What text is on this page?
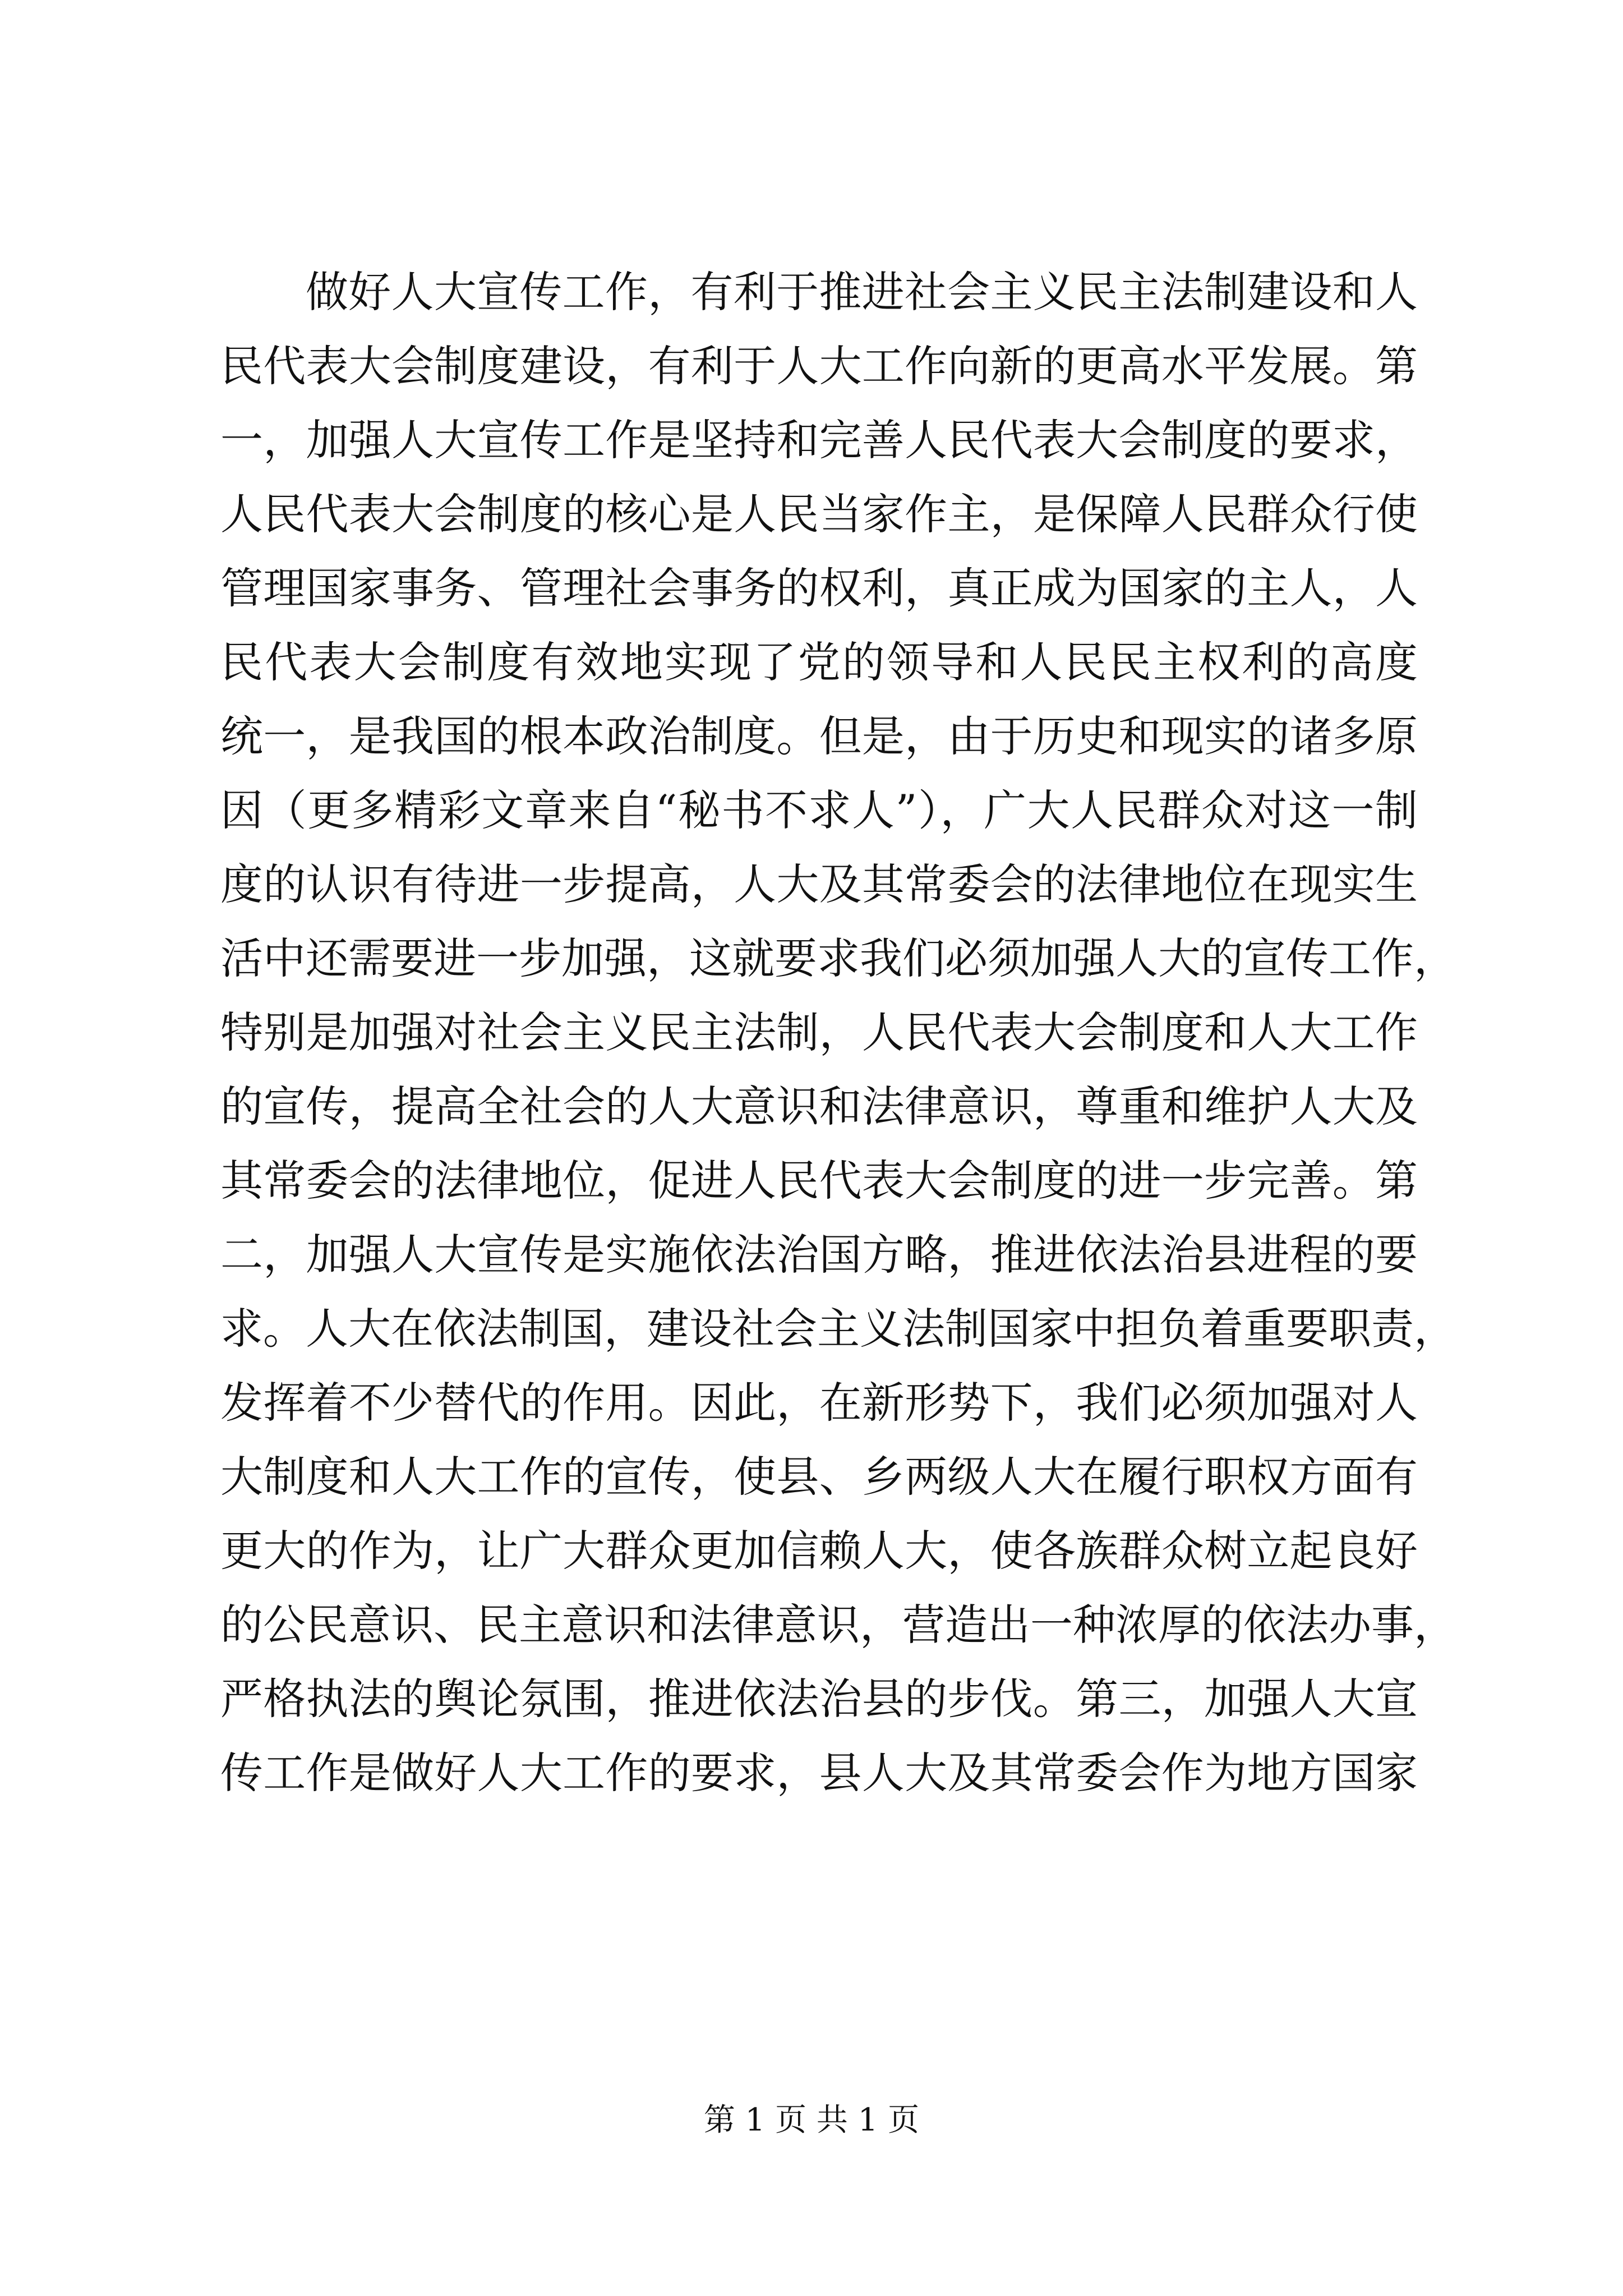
做好人大宣传工作，有利于推进社会主义民主法制建设和人
民代表大会制度建设，有利于人大工作向新的更高水平发展。第
一，加强人大宣传工作是坚持和完善人民代表大会制度的要求，
人民代表大会制度的核心是人民当家作主，是保障人民群众行使
管理国家事务、管理社会事务的权利，真正成为国家的主人，人
民代表大会制度有效地实现了党的领导和人民民主权利的高度
统一，是我国的根本政治制度。但是，由于历史和现实的诸多原
因（更多精彩文章来自“秘书不求人”），广大人民群众对这一制
度的认识有待进一步提高，人大及其常委会的法律地位在现实生
活中还需要进一步加强，这就要求我们必须加强人大的宣传工作，
特别是加强对社会主义民主法制，人民代表大会制度和人大工作
的宣传，提高全社会的人大意识和法律意识，尊重和维护人大及
其常委会的法律地位，促进人民代表大会制度的进一步完善。第
二，加强人大宣传是实施依法治国方略，推进依法治县进程的要
求。人大在依法制国，建设社会主义法制国家中担负着重要职责，
发挥着不少替代的作用。因此，在新形势下，我们必须加强对人
大制度和人大工作的宣传，使县、乡两级人大在履行职权方面有
更大的作为，让广大群众更加信赖人大，使各族群众树立起良好
的公民意识、民主意识和法律意识，营造出一种浓厚的依法办事，
严格执法的舆论氛围，推进依法治县的步伐。第三，加强人大宣
传工作是做好人大工作的要求，县人大及其常委会作为地方国家
第 1 页 共 1 页
